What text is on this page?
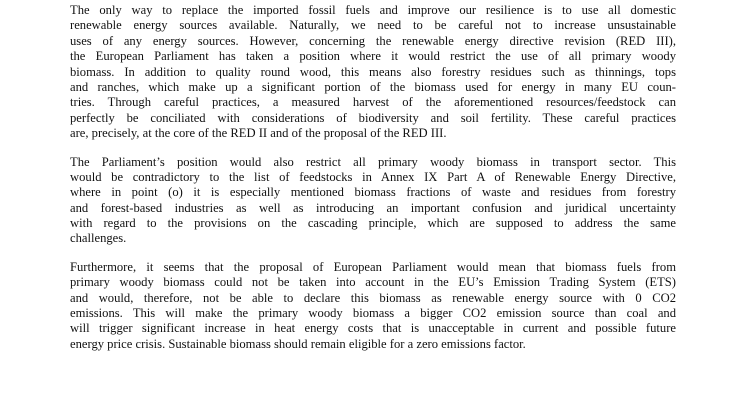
The only way to replace the imported fossil fuels and improve our resilience is to use all domestic
renewable energy sources available. Naturally, we need to be careful not to increase unsustainable
uses of any energy sources. However, concerning the renewable energy directive revision (RED III),
the European Parliament has taken a position where it would restrict the use of all primary woody
biomass. In addition to quality round wood, this means also forestry residues such as thinnings, tops
and ranches, which make up a significant portion of the biomass used for energy in many EU coun-
tries. Through careful practices, a measured harvest of the aforementioned resources/feedstock can
perfectly be conciliated with considerations of biodiversity and soil fertility. These careful practices
are, precisely, at the core of the RED II and of the proposal of the RED III.

The Parliament’s position would also restrict all primary woody biomass in transport sector. This
would be contradictory to the list of feedstocks in Annex IX Part A of Renewable Energy Directive,
where in point (o) it is especially mentioned biomass fractions of waste and residues from forestry
and forest-based industries as well as introducing an important confusion and juridical uncertainty
with regard to the provisions on the cascading principle, which are supposed to address the same
challenges.

Furthermore, it seems that the proposal of European Parliament would mean that biomass fuels from
primary woody biomass could not be taken into account in the EU’s Emission Trading System (ETS)
and would, therefore, not be able to declare this biomass as renewable energy source with 0 CO2
emissions. This will make the primary woody biomass a bigger CO2 emission source than coal and
will trigger significant increase in heat energy costs that is unacceptable in current and possible future
energy price crisis. Sustainable biomass should remain eligible for a zero emissions factor.
